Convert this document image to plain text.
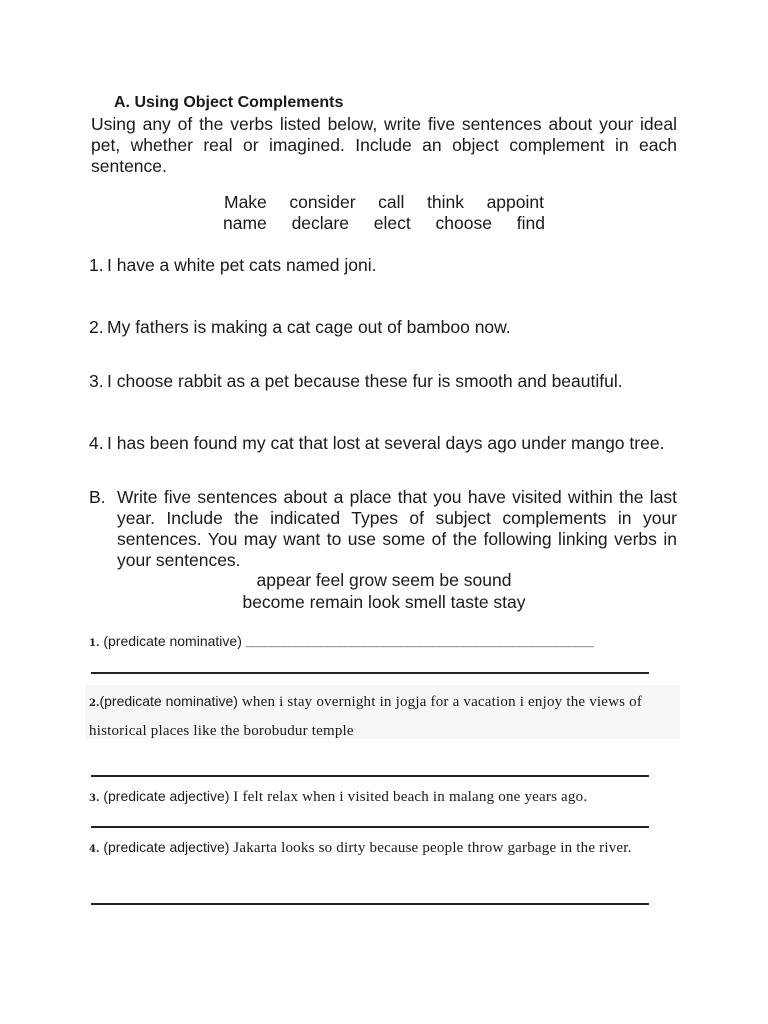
A. Using Object Complements

Using any of the verbs listed below, write five sentences about your ideal pet, whether real or imagined. Include an object complement in each sentence.

Make consider call think appoint
name declare elect choose find
1. I have a white pet cats named joni.
2. My fathers is making a cat cage out of bamboo now.
3. I choose rabbit as a pet because these fur is smooth and beautiful.
4. I has been found my cat that lost at several days ago under mango tree.
B. Write five sentences about a place that you have visited within the last year. Include the indicated Types of subject complements in your sentences. You may want to use some of the following linking verbs in your sentences.
appear feel grow seem be sound
become remain look smell taste stay
1. (predicate nominative) ________________________________________________________
2.(predicate nominative) when i stay overnight in jogja for a vacation i enjoy the views of historical places like the borobudur temple
3. (predicate adjective) I felt relax when i visited beach in malang one years ago.
4. (predicate adjective) Jakarta looks so dirty because people throw garbage in the river.
